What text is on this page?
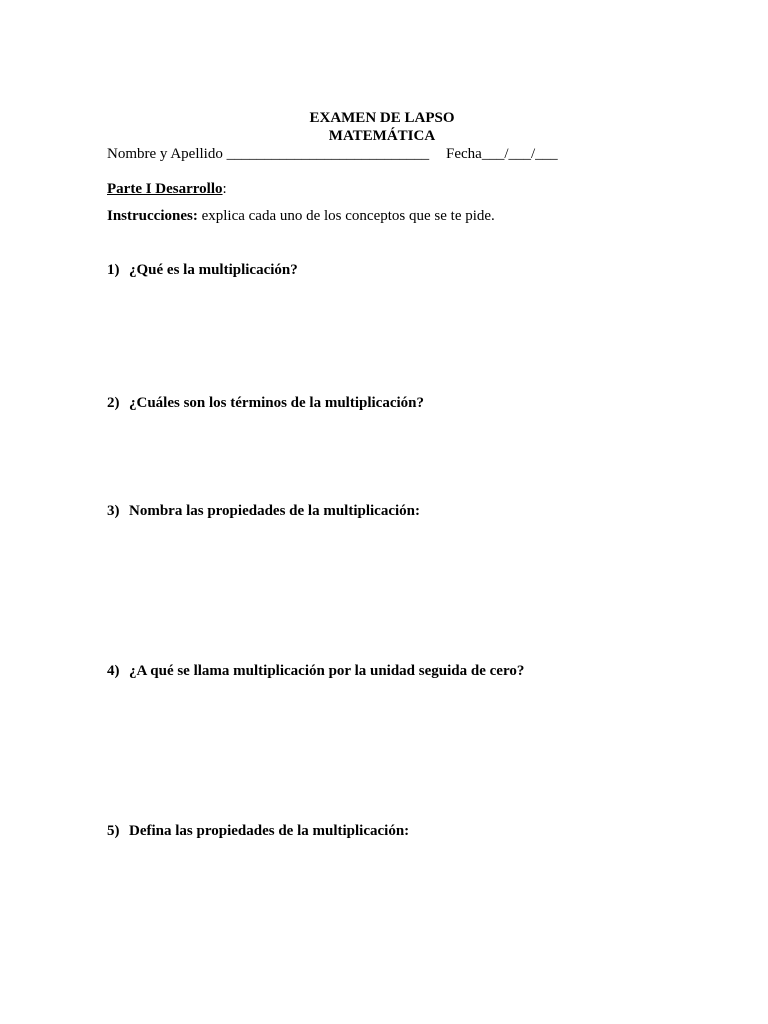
EXAMEN DE LAPSO
MATEMÁTICA
Nombre y Apellido ___________________________ Fecha___/___/___
Parte I Desarrollo:
Instrucciones: explica cada uno de los conceptos que se te pide.
1) ¿Qué es la multiplicación?
2) ¿Cuáles son los términos de la multiplicación?
3) Nombra las propiedades de la multiplicación:
4) ¿A qué se llama multiplicación por la unidad seguida de cero?
5) Defina las propiedades de la multiplicación:
